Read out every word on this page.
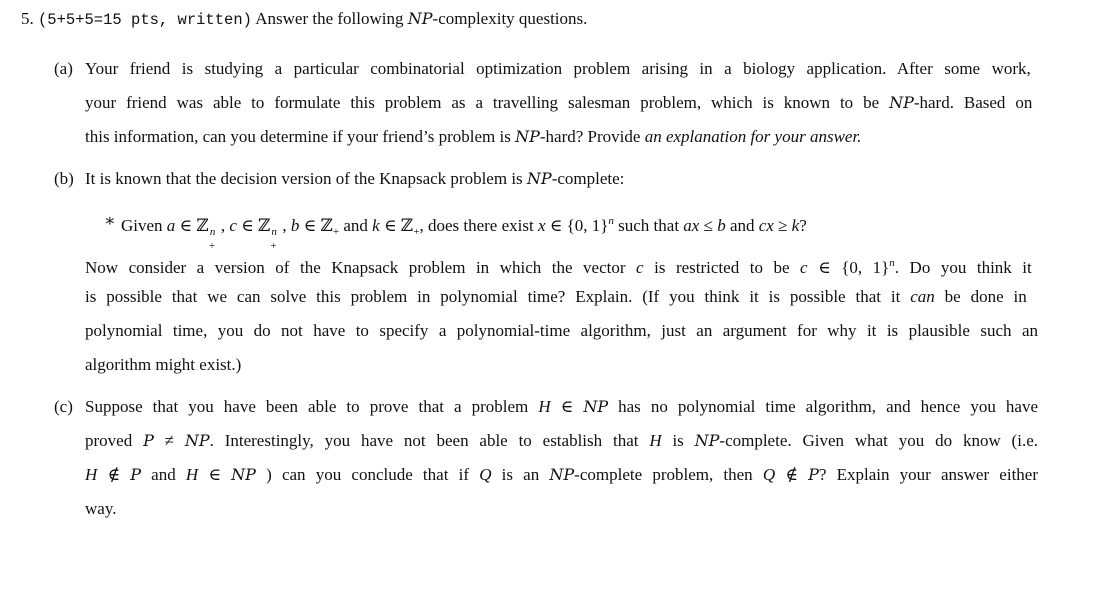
5. (5+5+5=15 pts, written) Answer the following NP-complexity questions.
(a) Your friend is studying a particular combinatorial optimization problem arising in a biology application. After some work,
your friend was able to formulate this problem as a travelling salesman problem, which is known to be NP-hard. Based on
this information, can you determine if your friend’s problem is NP-hard? Provide an explanation for your answer.
(b) It is known that the decision version of the Knapsack problem is NP-complete:
∗ Given a ∈ ℤ n
+
, c ∈ ℤ n
+
, b ∈ ℤ$_+$ and k ∈ ℤ$_+$, does there exist x ∈ {0, 1}$^n$ such that ax ≤ b and cx ≥ k?
Now consider a version of the Knapsack problem in which the vector c is restricted to be c ∈ {0, 1}$^n$. Do you think it
is possible that we can solve this problem in polynomial time? Explain. (If you think it is possible that it can be done in
polynomial time, you do not have to specify a polynomial-time algorithm, just an argument for why it is plausible such an
algorithm might exist.)
(c) Suppose that you have been able to prove that a problem H ∈ NP has no polynomial time algorithm, and hence you have
proved P ≠ NP. Interestingly, you have not been able to establish that H is NP-complete. Given what you do know (i.e.
H ∉ P and H ∈ NP ) can you conclude that if Q is an NP-complete problem, then Q ∉ P? Explain your answer either
way.
